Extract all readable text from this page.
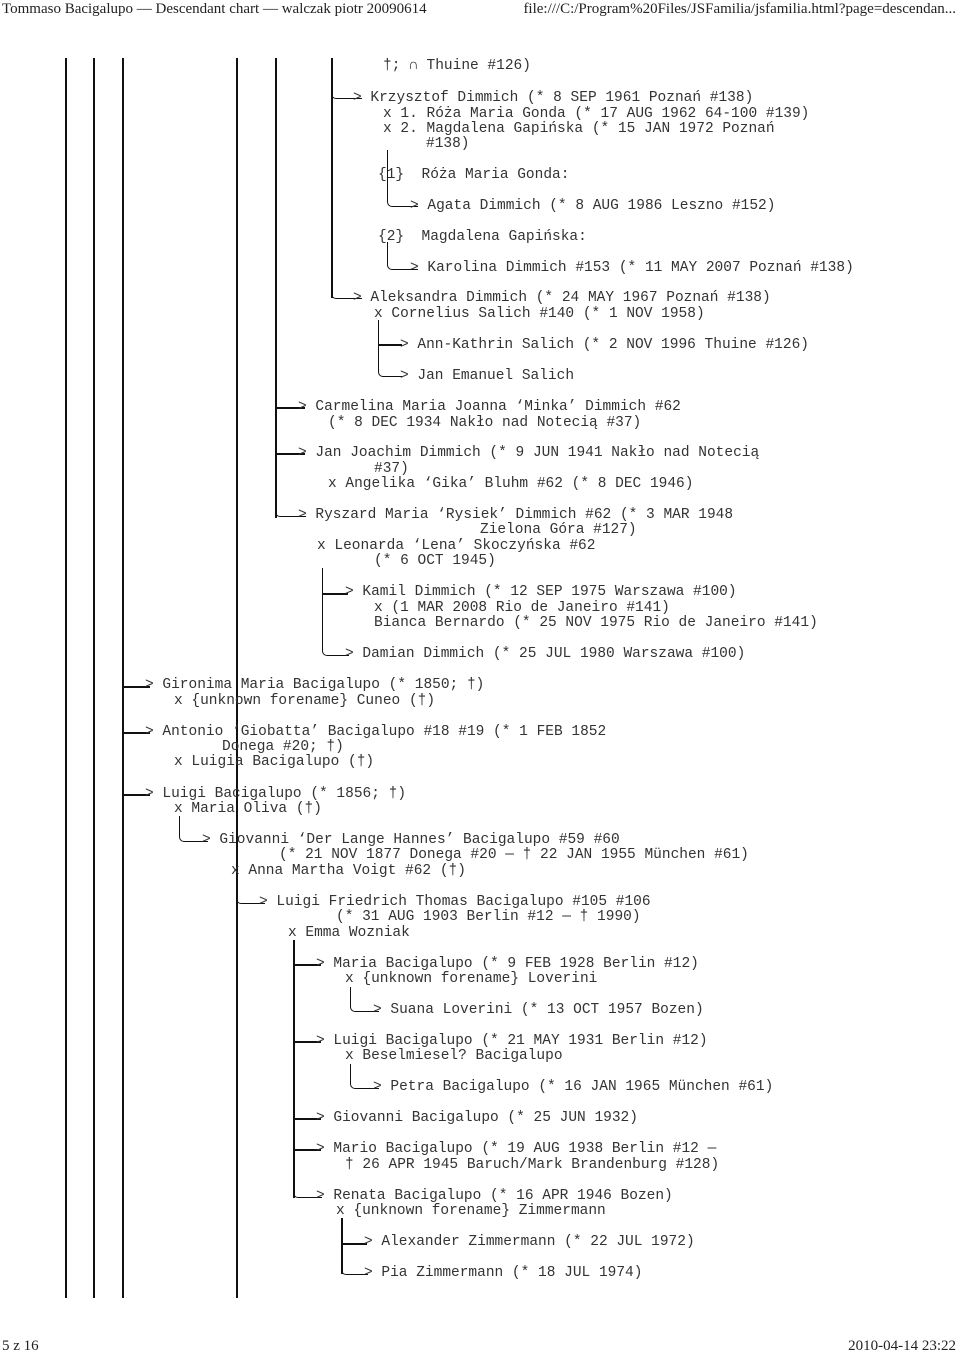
Tommaso Bacigalupo — Descendant chart — walczak piotr 20090614	file:///C:/Program%20Files/JSFamilia/jsfamilia.html?page=descendan...
†; ∩ Thuine #126)
> Krzysztof Dimmich (* 8 SEP 1961 Poznań #138)
x 1. Róża Maria Gonda (* 17 AUG 1962 64-100 #139)
x 2. Magdalena Gapińska (* 15 JAN 1972 Poznań
#138)
{1}  Róża Maria Gonda:
> Agata Dimmich (* 8 AUG 1986 Leszno #152)
{2}  Magdalena Gapińska:
> Karolina Dimmich #153 (* 11 MAY 2007 Poznań #138)
> Aleksandra Dimmich (* 24 MAY 1967 Poznań #138)
x Cornelius Salich #140 (* 1 NOV 1958)
> Ann-Kathrin Salich (* 2 NOV 1996 Thuine #126)
> Jan Emanuel Salich
> Carmelina Maria Joanna ‘Minka’ Dimmich #62
(* 8 DEC 1934 Nakło nad Notecią #37)
> Jan Joachim Dimmich (* 9 JUN 1941 Nakło nad Notecią
#37)
x Angelika ‘Gika’ Bluhm #62 (* 8 DEC 1946)
> Ryszard Maria ‘Rysiek’ Dimmich #62 (* 3 MAR 1948
Zielona Góra #127)
x Leonarda ‘Lena’ Skoczyńska #62
(* 6 OCT 1945)
> Kamil Dimmich (* 12 SEP 1975 Warszawa #100)
x (1 MAR 2008 Rio de Janeiro #141)
Bianca Bernardo (* 25 NOV 1975 Rio de Janeiro #141)
> Damian Dimmich (* 25 JUL 1980 Warszawa #100)
> Gironima Maria Bacigalupo (* 1850; †)
x {unknown forename} Cuneo (†)
> Antonio ‘Giobatta’ Bacigalupo #18 #19 (* 1 FEB 1852
Donega #20; †)
x Luigia Bacigalupo (†)
> Luigi Bacigalupo (* 1856; †)
x Maria Oliva (†)
> Giovanni ‘Der Lange Hannes’ Bacigalupo #59 #60
(* 21 NOV 1877 Donega #20 — † 22 JAN 1955 München #61)
x Anna Martha Voigt #62 (†)
> Luigi Friedrich Thomas Bacigalupo #105 #106
(* 31 AUG 1903 Berlin #12 — † 1990)
x Emma Wozniak
> Maria Bacigalupo (* 9 FEB 1928 Berlin #12)
x {unknown forename} Loverini
> Suana Loverini (* 13 OCT 1957 Bozen)
> Luigi Bacigalupo (* 21 MAY 1931 Berlin #12)
x Beselmiesel? Bacigalupo
> Petra Bacigalupo (* 16 JAN 1965 München #61)
> Giovanni Bacigalupo (* 25 JUN 1932)
> Mario Bacigalupo (* 19 AUG 1938 Berlin #12 —
† 26 APR 1945 Baruch/Mark Brandenburg #128)
> Renata Bacigalupo (* 16 APR 1946 Bozen)
x {unknown forename} Zimmermann
> Alexander Zimmermann (* 22 JUL 1972)
> Pia Zimmermann (* 18 JUL 1974)
5 z 16	2010-04-14 23:22
